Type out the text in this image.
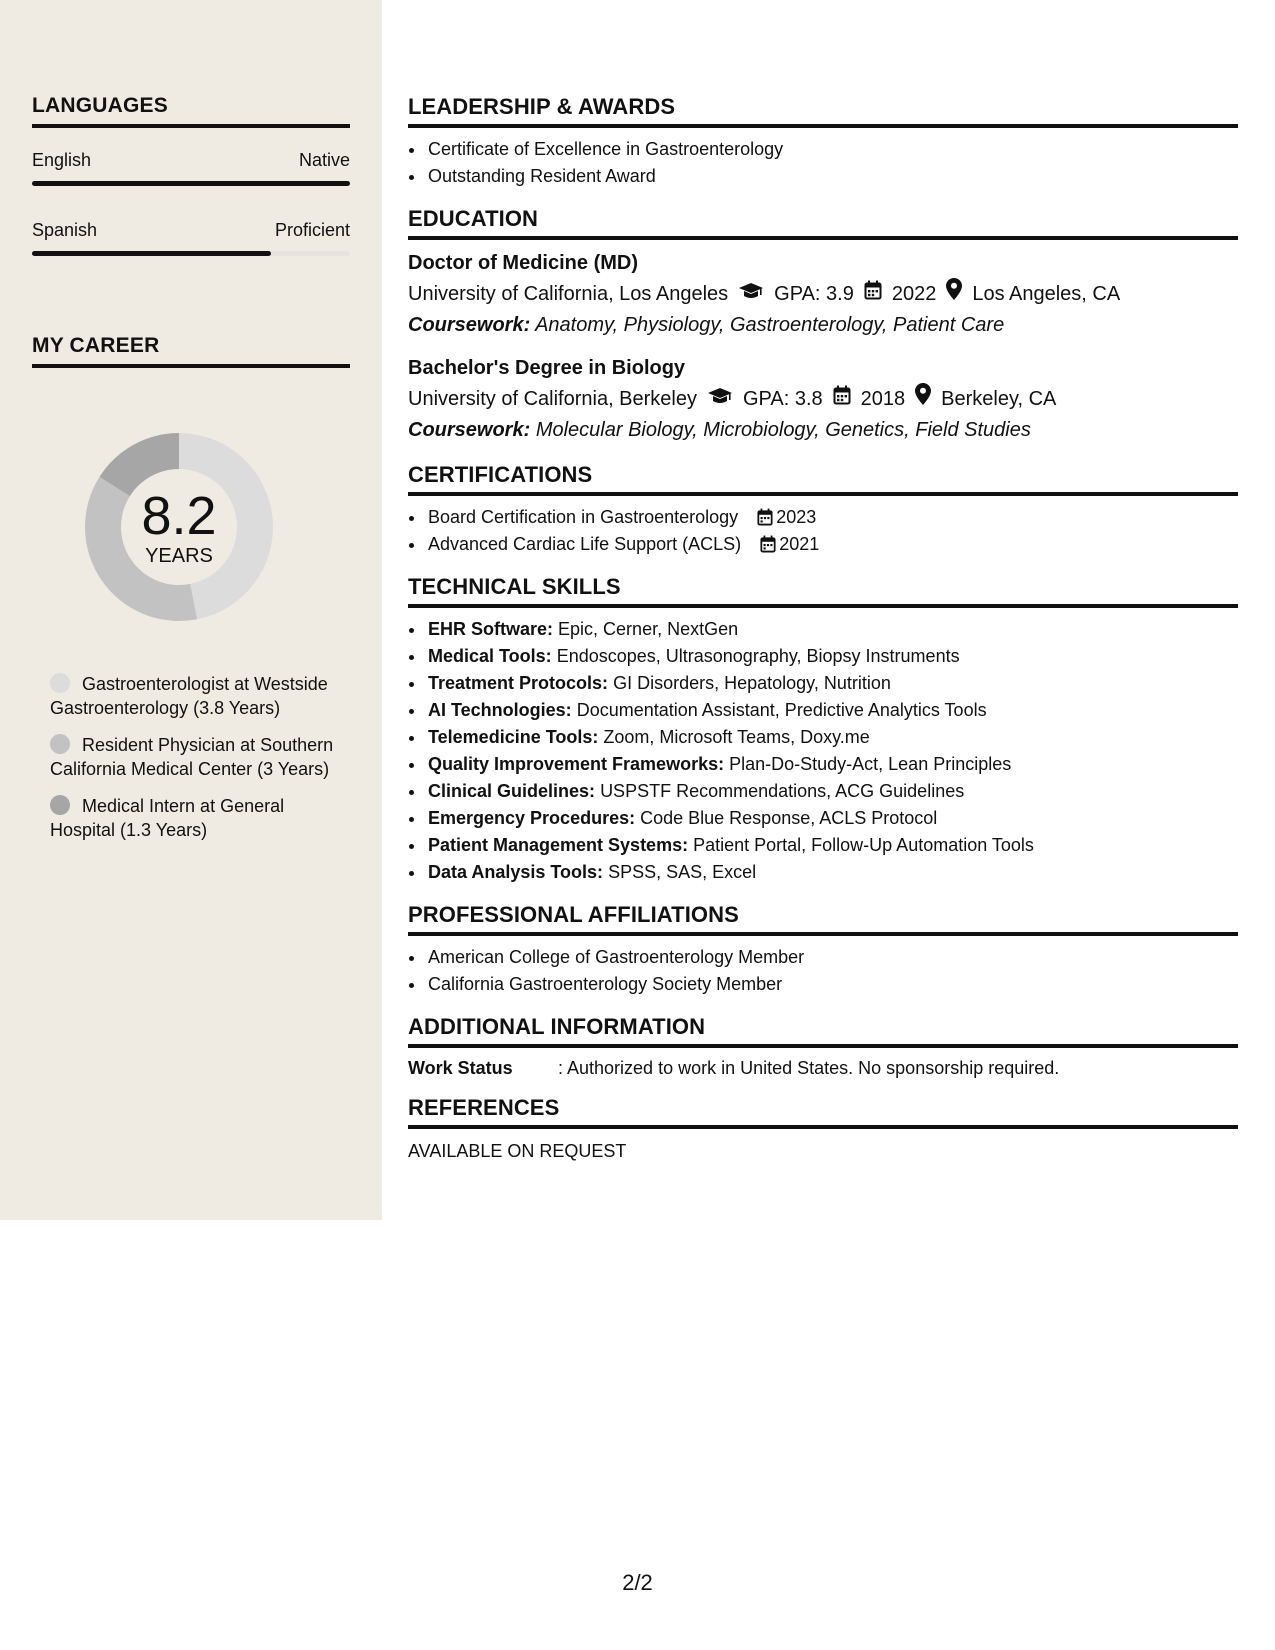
LANGUAGES
English	Native
Spanish	Proficient
MY CAREER
8.2
YEARS
Gastroenterologist at Westside Gastroenterology (3.8 Years)
Resident Physician at Southern California Medical Center (3 Years)
Medical Intern at General Hospital (1.3 Years)
LEADERSHIP & AWARDS
• Certificate of Excellence in Gastroenterology
• Outstanding Resident Award
EDUCATION
Doctor of Medicine (MD)
University of California, Los Angeles GPA: 3.9 2022 Los Angeles, CA
Coursework: Anatomy, Physiology, Gastroenterology, Patient Care
Bachelor's Degree in Biology
University of California, Berkeley GPA: 3.8 2018 Berkeley, CA
Coursework: Molecular Biology, Microbiology, Genetics, Field Studies
CERTIFICATIONS
• Board Certification in Gastroenterology 2023
• Advanced Cardiac Life Support (ACLS) 2021
TECHNICAL SKILLS
• EHR Software: Epic, Cerner, NextGen
• Medical Tools: Endoscopes, Ultrasonography, Biopsy Instruments
• Treatment Protocols: GI Disorders, Hepatology, Nutrition
• AI Technologies: Documentation Assistant, Predictive Analytics Tools
• Telemedicine Tools: Zoom, Microsoft Teams, Doxy.me
• Quality Improvement Frameworks: Plan-Do-Study-Act, Lean Principles
• Clinical Guidelines: USPSTF Recommendations, ACG Guidelines
• Emergency Procedures: Code Blue Response, ACLS Protocol
• Patient Management Systems: Patient Portal, Follow-Up Automation Tools
• Data Analysis Tools: SPSS, SAS, Excel
PROFESSIONAL AFFILIATIONS
• American College of Gastroenterology Member
• California Gastroenterology Society Member
ADDITIONAL INFORMATION
Work Status	: Authorized to work in United States. No sponsorship required.
REFERENCES
AVAILABLE ON REQUEST
2/2
